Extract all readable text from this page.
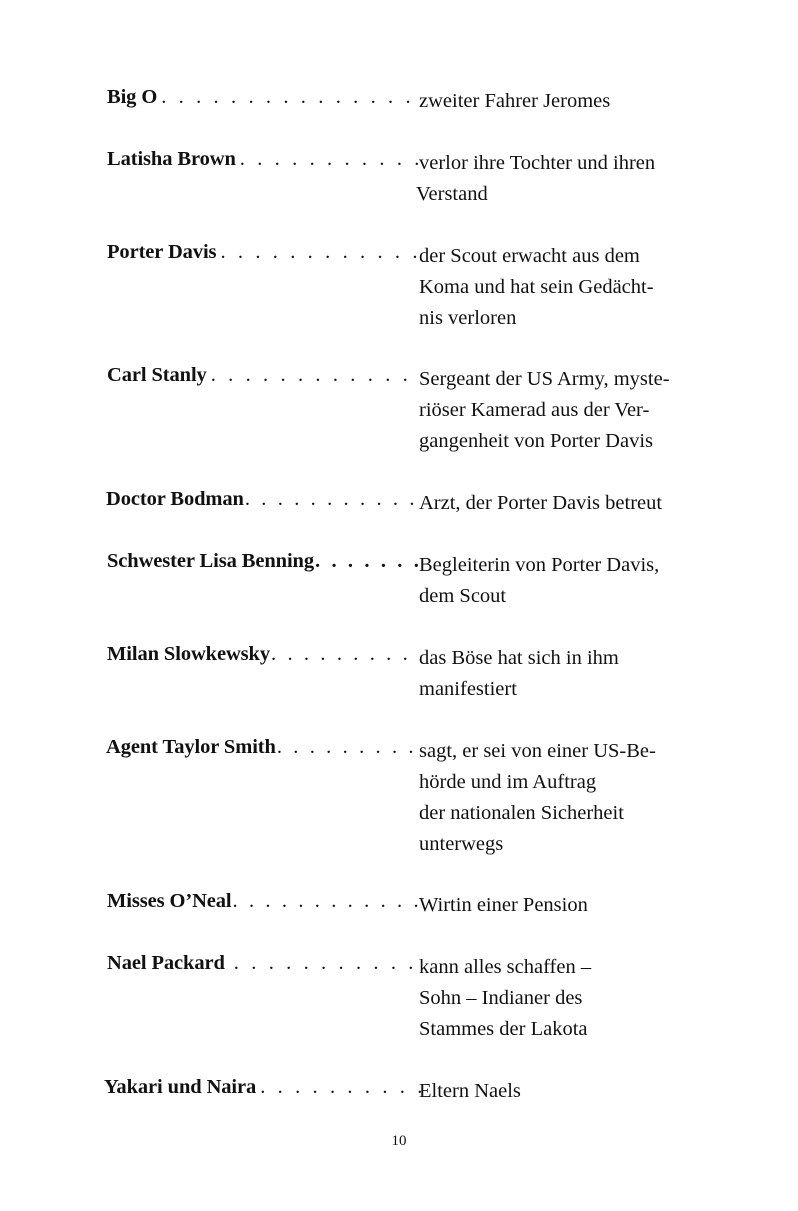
Big O . . .	zweiter Fahrer Jeromes
Latisha Brown . . .	verlor ihre Tochter und ihren
Verstand
Porter Davis . . .	der Scout erwacht aus dem
Koma und hat sein Gedächt-
nis verloren
Carl Stanly . . .	Sergeant der US Army, myste-
riöser Kamerad aus der Ver-
gangenheit von Porter Davis
Doctor Bodman . . .	Arzt, der Porter Davis betreut
Schwester Lisa Benning . . .	Begleiterin von Porter Davis,
dem Scout
Milan Slowkewsky . . .	das Böse hat sich in ihm
manifestiert
Agent Taylor Smith . . .	sagt, er sei von einer US-Be-
hörde und im Auftrag
der nationalen Sicherheit
unterwegs
Misses O’Neal . . .	Wirtin einer Pension
Nael Packard . . .	kann alles schaffen –
Sohn – Indianer des
Stammes der Lakota
Yakari und Naira . . .	Eltern Naels
10
